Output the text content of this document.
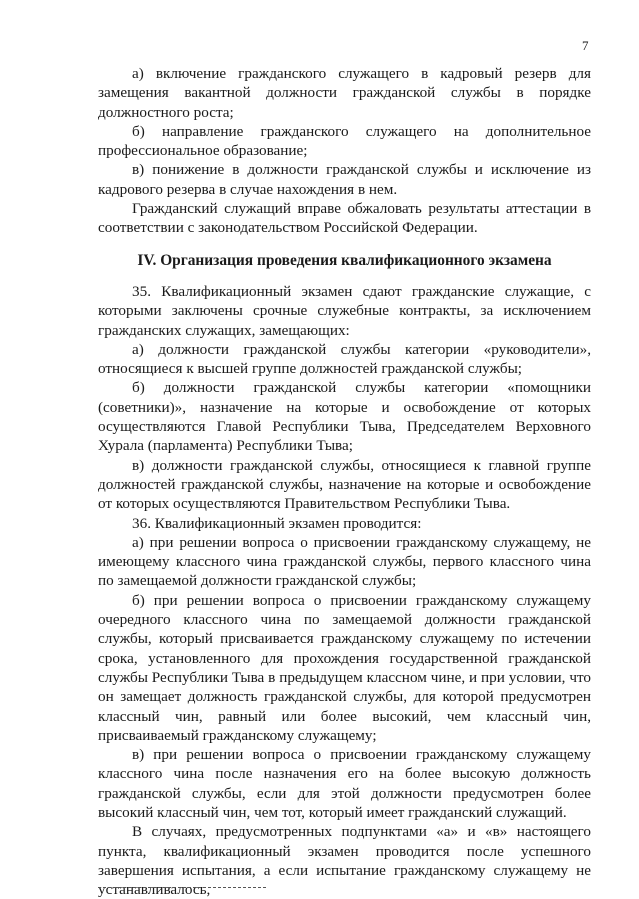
7

а) включение гражданского служащего в кадровый резерв для замещения вакантной должности гражданской службы в порядке должностного роста;

б) направление гражданского служащего на дополнительное профессиональное образование;

в) понижение в должности гражданской службы и исключение из кадрового резерва в случае нахождения в нем.

Гражданский служащий вправе обжаловать результаты аттестации в соответствии с законодательством Российской Федерации.

IV. Организация проведения квалификационного экзамена

35. Квалификационный экзамен сдают гражданские служащие, с которыми заключены срочные служебные контракты, за исключением гражданских служащих, замещающих:

а) должности гражданской службы категории «руководители», относящиеся к высшей группе должностей гражданской службы;

б) должности гражданской службы категории «помощники (советники)», назначение на которые и освобождение от которых осуществляются Главой Республики Тыва, Председателем Верховного Хурала (парламента) Республики Тыва;

в) должности гражданской службы, относящиеся к главной группе должностей гражданской службы, назначение на которые и освобождение от которых осуществляются Правительством Республики Тыва.

36. Квалификационный экзамен проводится:

а) при решении вопроса о присвоении гражданскому служащему, не имеющему классного чина гражданской службы, первого классного чина по замещаемой должности гражданской службы;

б) при решении вопроса о присвоении гражданскому служащему очередного классного чина по замещаемой должности гражданской службы, который присваивается гражданскому служащему по истечении срока, установленного для прохождения государственной гражданской службы Республики Тыва в предыдущем классном чине, и при условии, что он замещает должность гражданской службы, для которой предусмотрен классный чин, равный или более высокий, чем классный чин, присваиваемый гражданскому служащему;

в) при решении вопроса о присвоении гражданскому служащему классного чина после назначения его на более высокую должность гражданской службы, если для этой должности предусмотрен более высокий классный чин, чем тот, который имеет гражданский служащий.

В случаях, предусмотренных подпунктами «а» и «в» настоящего пункта, квалификационный экзамен проводится после успешного завершения испытания, а если испытание гражданскому служащему не устанавливалось,
